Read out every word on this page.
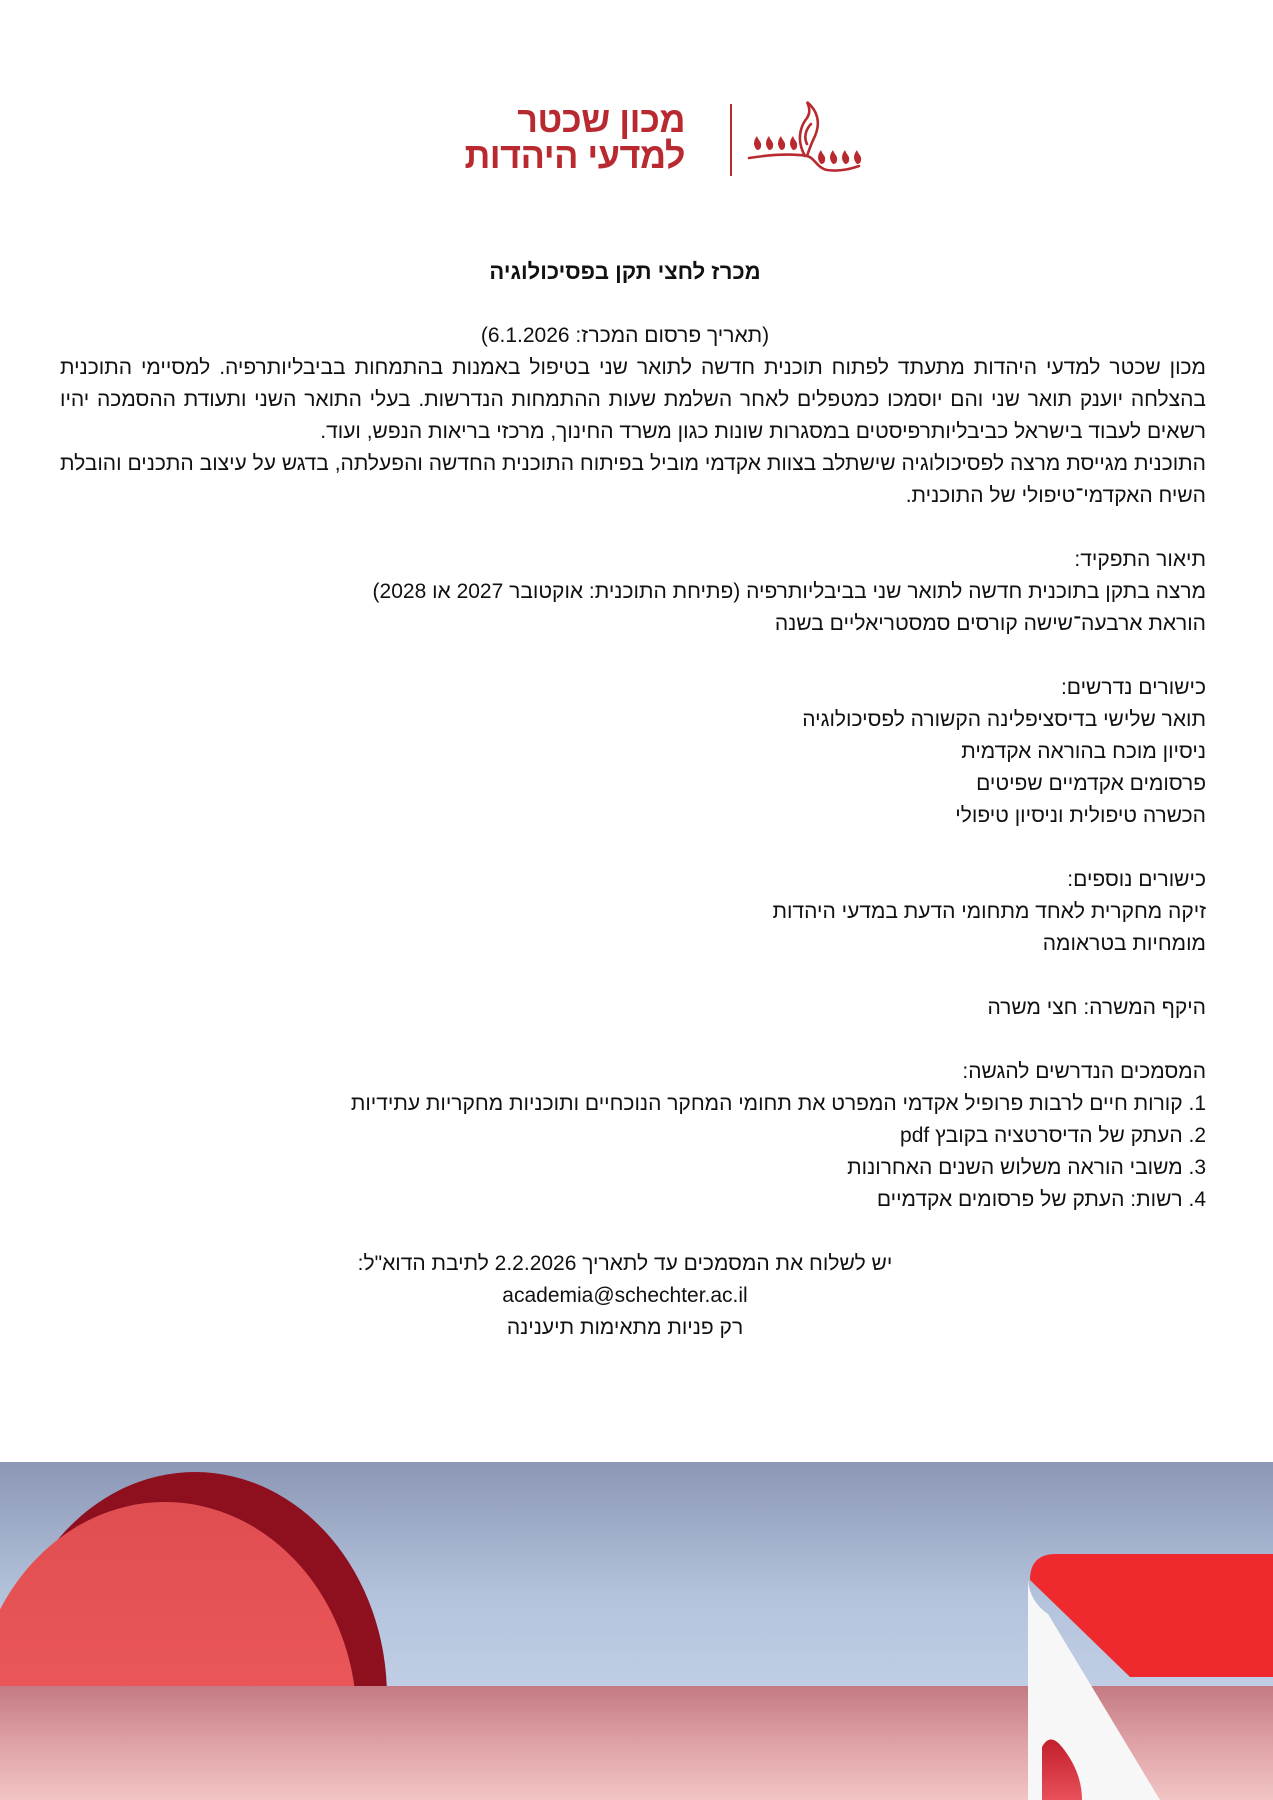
מכון שכטר
למדעי היהדות

מכרז לחצי תקן בפסיכולוגיה

(תאריך פרסום המכרז: 6.1.2026)

מכון שכטר למדעי היהדות מתעתד לפתוח תוכנית חדשה לתואר שני בטיפול באמנות בהתמחות בביבליותרפיה. למסיימי התוכנית בהצלחה יוענק תואר שני והם יוסמכו כמטפלים לאחר השלמת שעות ההתמחות הנדרשות. בעלי התואר השני ותעודת ההסמכה יהיו רשאים לעבוד בישראל כביבליותרפיסטים במסגרות שונות כגון משרד החינוך, מרכזי בריאות הנפש, ועוד.

התוכנית מגייסת מרצה לפסיכולוגיה שישתלב בצוות אקדמי מוביל בפיתוח התוכנית החדשה והפעלתה, בדגש על עיצוב התכנים והובלת השיח האקדמי־טיפולי של התוכנית.

תיאור התפקיד:

מרצה בתקן בתוכנית חדשה לתואר שני בביבליותרפיה (פתיחת התוכנית: אוקטובר 2027 או 2028)

הוראת ארבעה־שישה קורסים סמסטריאליים בשנה

כישורים נדרשים:

תואר שלישי בדיסציפלינה הקשורה לפסיכולוגיה

ניסיון מוכח בהוראה אקדמית

פרסומים אקדמיים שפיטים

הכשרה טיפולית וניסיון טיפולי

כישורים נוספים:

זיקה מחקרית לאחד מתחומי הדעת במדעי היהדות

מומחיות בטראומה

היקף המשרה: חצי משרה

המסמכים הנדרשים להגשה:

1. קורות חיים לרבות פרופיל אקדמי המפרט את תחומי המחקר הנוכחיים ותוכניות מחקריות עתידיות

2. העתק של הדיסרטציה בקובץ pdf

3. משובי הוראה משלוש השנים האחרונות

4. רשות: העתק של פרסומים אקדמיים

יש לשלוח את המסמכים עד לתאריך 2.2.2026 לתיבת הדוא"ל:

academia@schechter.ac.il

רק פניות מתאימות תיענינה
